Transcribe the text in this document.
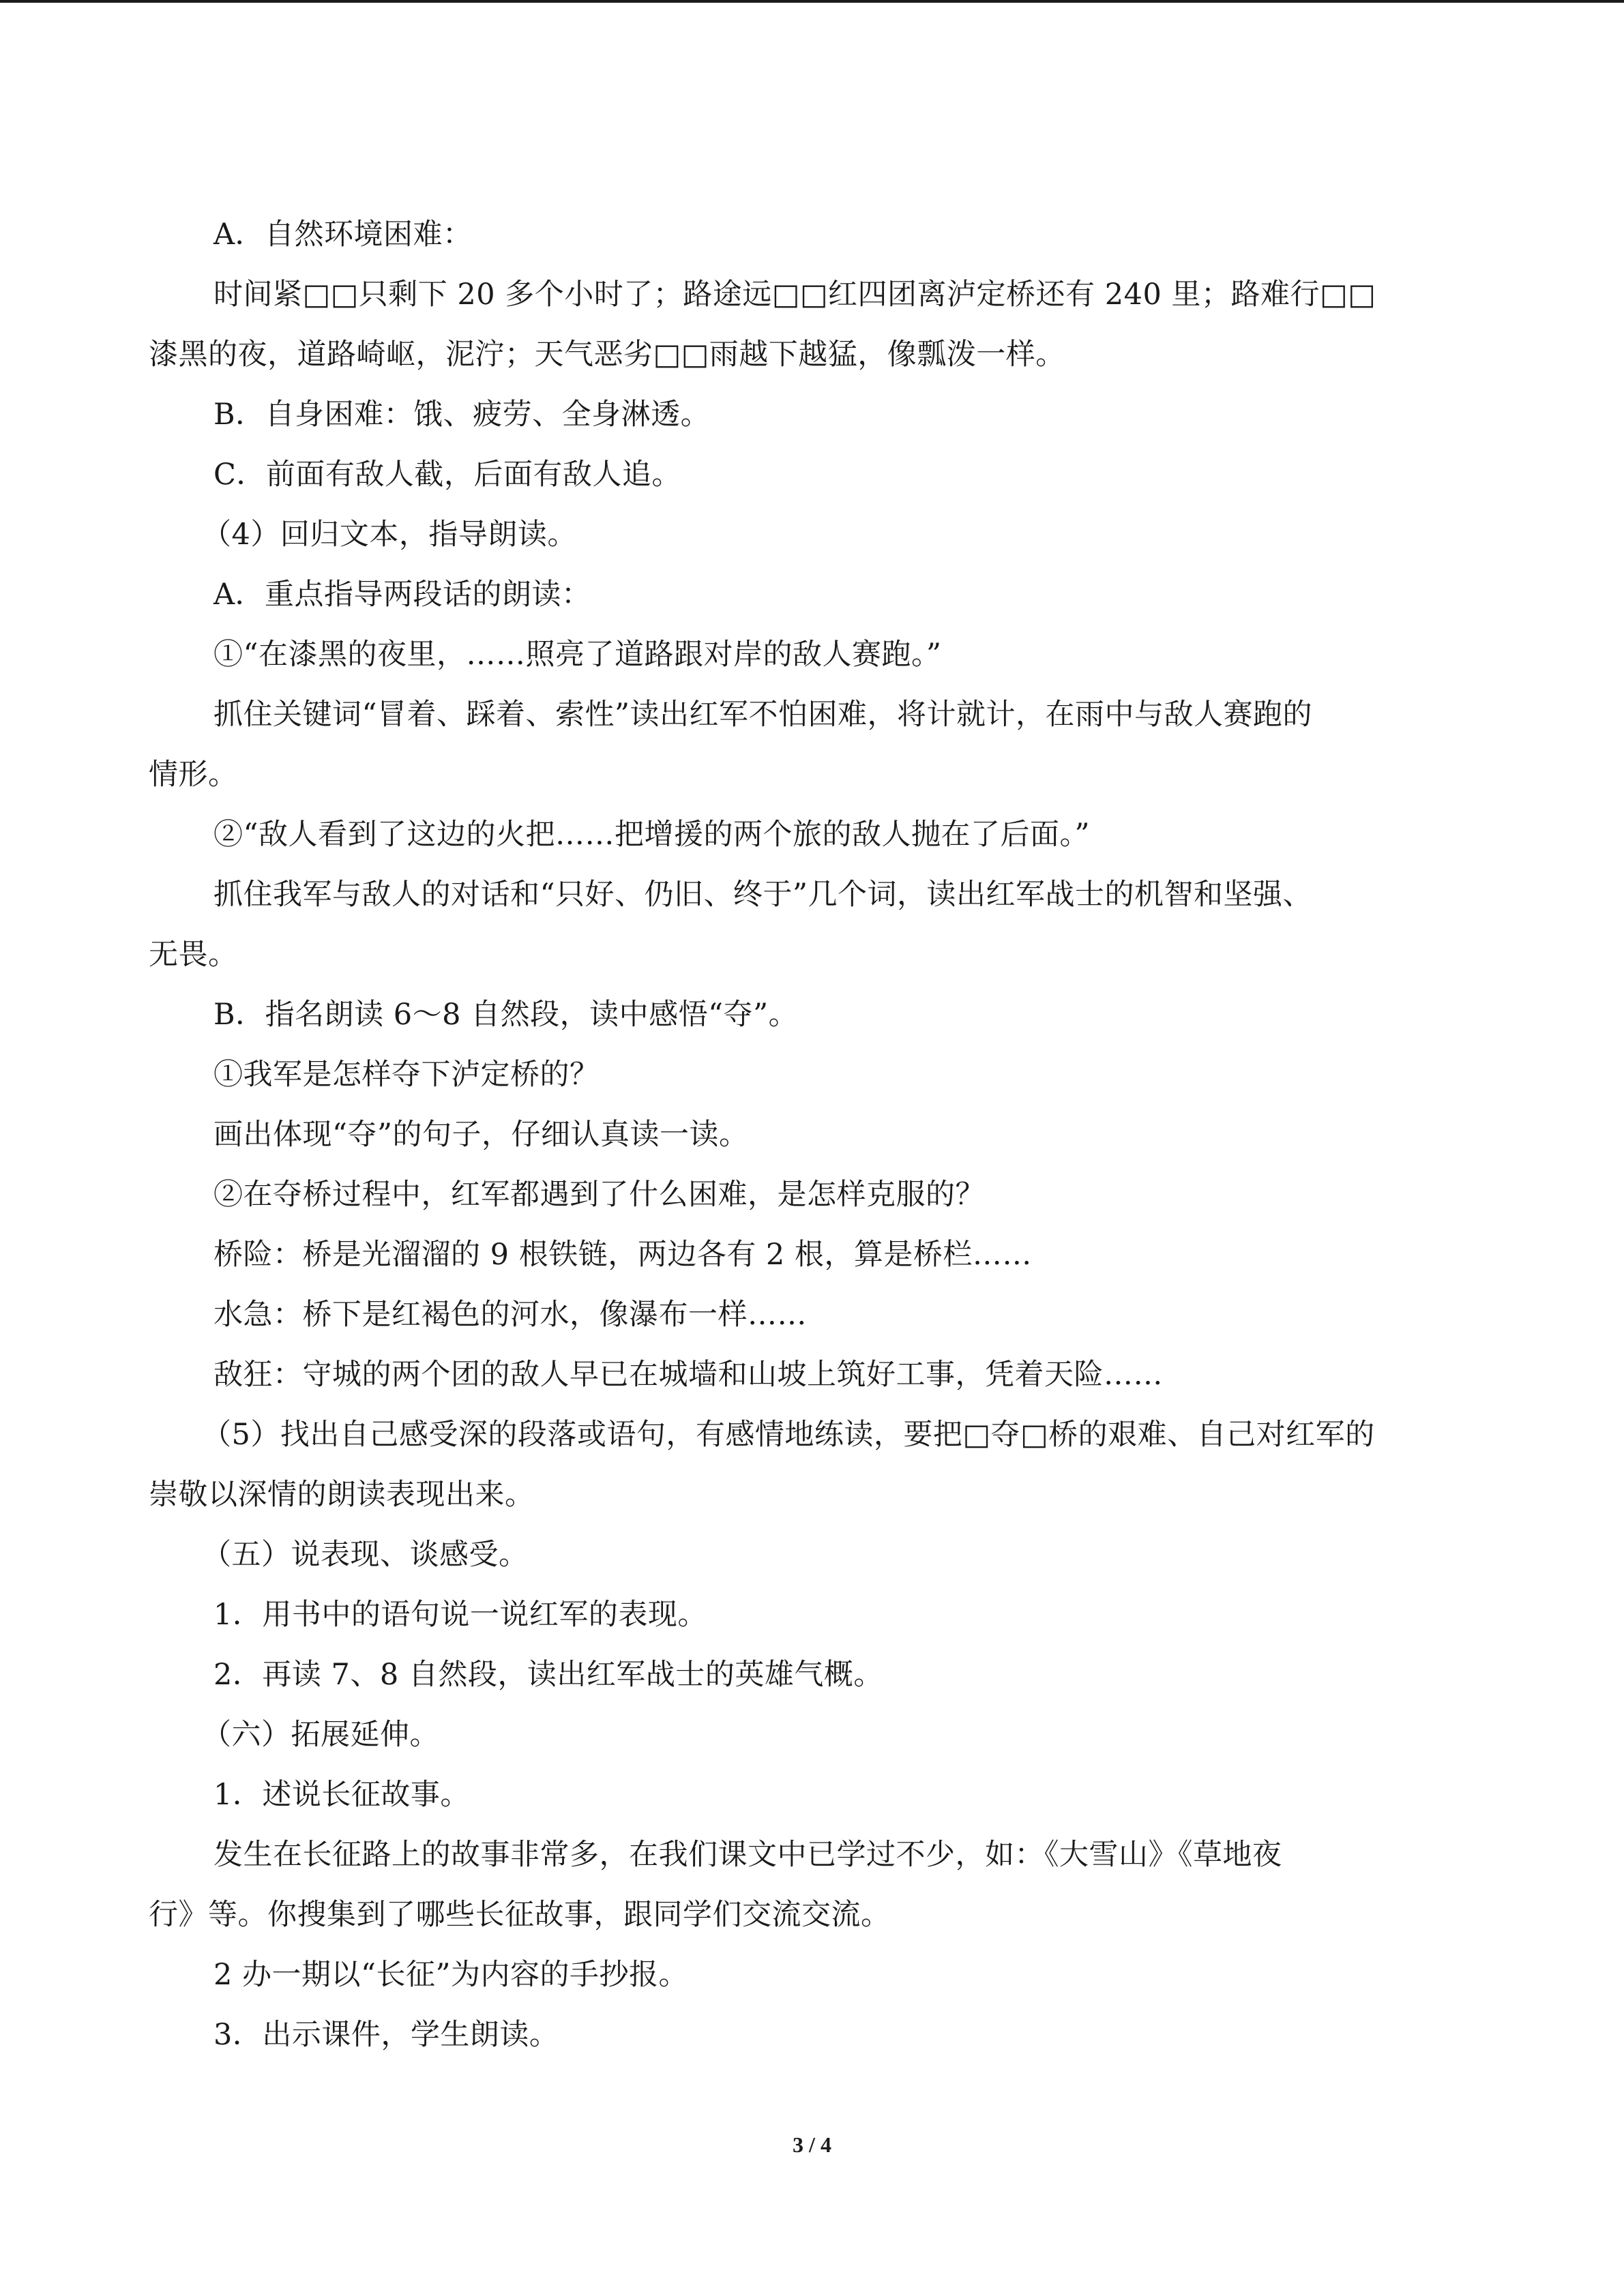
A．自然环境困难：
时间紧□□只剩下 20 多个小时了；路途远□□红四团离泸定桥还有 240 里；路难行□□
漆黑的夜，道路崎岖，泥泞；天气恶劣□□雨越下越猛，像瓢泼一样。
B．自身困难：饿、疲劳、全身淋透。
C．前面有敌人截，后面有敌人追。
（4）回归文本，指导朗读。
A．重点指导两段话的朗读：
①“在漆黑的夜里，……照亮了道路跟对岸的敌人赛跑。”
抓住关键词“冒着、踩着、索性”读出红军不怕困难，将计就计，在雨中与敌人赛跑的
情形。
②“敌人看到了这边的火把……把增援的两个旅的敌人抛在了后面。”
抓住我军与敌人的对话和“只好、仍旧、终于”几个词，读出红军战士的机智和坚强、
无畏。
B．指名朗读 6～8 自然段，读中感悟“夺”。
①我军是怎样夺下泸定桥的？
画出体现“夺”的句子，仔细认真读一读。
②在夺桥过程中，红军都遇到了什么困难，是怎样克服的？
桥险：桥是光溜溜的 9 根铁链，两边各有 2 根，算是桥栏……
水急：桥下是红褐色的河水，像瀑布一样……
敌狂：守城的两个团的敌人早已在城墙和山坡上筑好工事，凭着天险……
（5）找出自己感受深的段落或语句，有感情地练读，要把□夺□桥的艰难、自己对红军的
崇敬以深情的朗读表现出来。
（五）说表现、谈感受。
1．用书中的语句说一说红军的表现。
2．再读 7、8 自然段，读出红军战士的英雄气概。
（六）拓展延伸。
1．述说长征故事。
发生在长征路上的故事非常多，在我们课文中已学过不少，如：《大雪山》《草地夜
行》等。你搜集到了哪些长征故事，跟同学们交流交流。
2 办一期以“长征”为内容的手抄报。
3．出示课件，学生朗读。
3 / 4
